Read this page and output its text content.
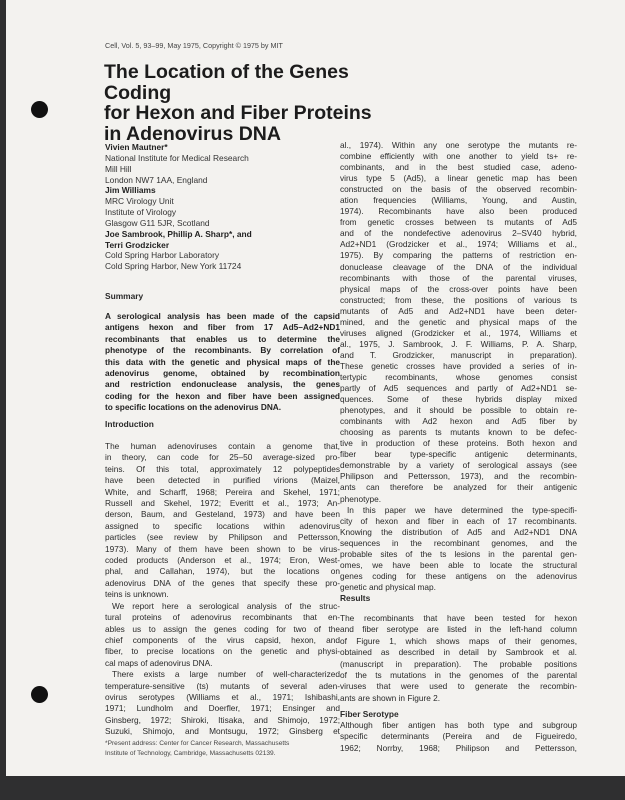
Cell, Vol. 5, 93–99, May 1975, Copyright © 1975 by MIT
The Location of the Genes Coding
for Hexon and Fiber Proteins
in Adenovirus DNA
Vivien Mautner*
National Institute for Medical Research
Mill Hill
London NW7 1AA, England
Jim Williams
MRC Virology Unit
Institute of Virology
Glasgow G11 5JR, Scotland
Joe Sambrook, Phillip A. Sharp*, and
Terri Grodzicker
Cold Spring Harbor Laboratory
Cold Spring Harbor, New York 11724
Summary
A serological analysis has been made of the capsid
antigens hexon and fiber from 17 Ad5–Ad2+ND1
recombinants that enables us to determine the
phenotype of the recombinants. By correlation of
this data with the genetic and physical maps of the
adenovirus genome, obtained by recombination
and restriction endonuclease analysis, the genes
coding for the hexon and fiber have been assigned
to specific locations on the adenovirus DNA.
Introduction
The human adenoviruses contain a genome that,
in theory, can code for 25–50 average-sized pro-
teins. Of this total, approximately 12 polypeptides
have been detected in purified virions (Maizel,
White, and Scharff, 1968; Pereira and Skehel, 1971;
Russell and Skehel, 1972; Everitt et al., 1973; An-
derson, Baum, and Gesteland, 1973) and have been
assigned to specific locations within adenovirus
particles (see review by Philipson and Pettersson,
1973). Many of them have been shown to be virus-
coded products (Anderson et al., 1974; Eron, West-
phal, and Callahan, 1974), but the locations on
adenovirus DNA of the genes that specify these pro-
teins is unknown.
We report here a serological analysis of the struc-
tural proteins of adenovirus recombinants that en-
ables us to assign the genes coding for two of the
chief components of the virus capsid, hexon, and
fiber, to precise locations on the genetic and physi-
cal maps of adenovirus DNA.
There exists a large number of well-characterized
temperature-sensitive (ts) mutants of several aden-
ovirus serotypes (Williams et al., 1971; Ishibashi,
1971; Lundholm and Doerfler, 1971; Ensinger and
Ginsberg, 1972; Shiroki, Itisaka, and Shimojo, 1972;
Suzuki, Shimojo, and Montsugu, 1972; Ginsberg et
*Present address: Center for Cancer Research, Massachusetts
Institute of Technology, Cambridge, Massachusetts 02139.
al., 1974). Within any one serotype the mutants re-
combine efficiently with one another to yield ts+ re-
combinants, and in the best studied case, adeno-
virus type 5 (Ad5), a linear genetic map has been
constructed on the basis of the observed recombin-
ation frequencies (Williams, Young, and Austin,
1974). Recombinants have also been produced
from genetic crosses between ts mutants of Ad5
and of the nondefective adenovirus 2–SV40 hybrid,
Ad2+ND1 (Grodzicker et al., 1974; Williams et al.,
1975). By comparing the patterns of restriction en-
donuclease cleavage of the DNA of the individual
recombinants with those of the parental viruses,
physical maps of the cross-over points have been
constructed; from these, the positions of various ts
mutants of Ad5 and Ad2+ND1 have been deter-
mined, and the genetic and physical maps of the
viruses aligned (Grodzicker et al., 1974, Williams et
al., 1975, J. Sambrook, J. F. Williams, P. A. Sharp,
and T. Grodzicker, manuscript in preparation).
These genetic crosses have provided a series of in-
tertypic recombinants, whose genomes consist
partly of Ad5 sequences and partly of Ad2+ND1 se-
quences. Some of these hybrids display mixed
phenotypes, and it should be possible to obtain re-
combinants with Ad2 hexon and Ad5 fiber by
choosing as parents ts mutants known to be defec-
tive in production of these proteins. Both hexon and
fiber bear type-specific antigenic determinants,
demonstrable by a variety of serological assays (see
Philipson and Pettersson, 1973), and the recombin-
ants can therefore be analyzed for their antigenic
phenotype.
In this paper we have determined the type-specifi-
city of hexon and fiber in each of 17 recombinants.
Knowing the distribution of Ad5 and Ad2+ND1 DNA
sequences in the recombinant genomes, and the
probable sites of the ts lesions in the parental gen-
omes, we have been able to locate the structural
genes coding for these antigens on the adenovirus
genetic and physical map.
Results
The recombinants that have been tested for hexon
and fiber serotype are listed in the left-hand column
of Figure 1, which shows maps of their genomes,
obtained as described in detail by Sambrook et al.
(manuscript in preparation). The probable positions
of the ts mutations in the genomes of the parental
viruses that were used to generate the recombin-
ants are shown in Figure 2.
Fiber Serotype
Although fiber antigen has both type and subgroup
specific determinants (Pereira and de Figueiredo,
1962; Norrby, 1968; Philipson and Pettersson,
